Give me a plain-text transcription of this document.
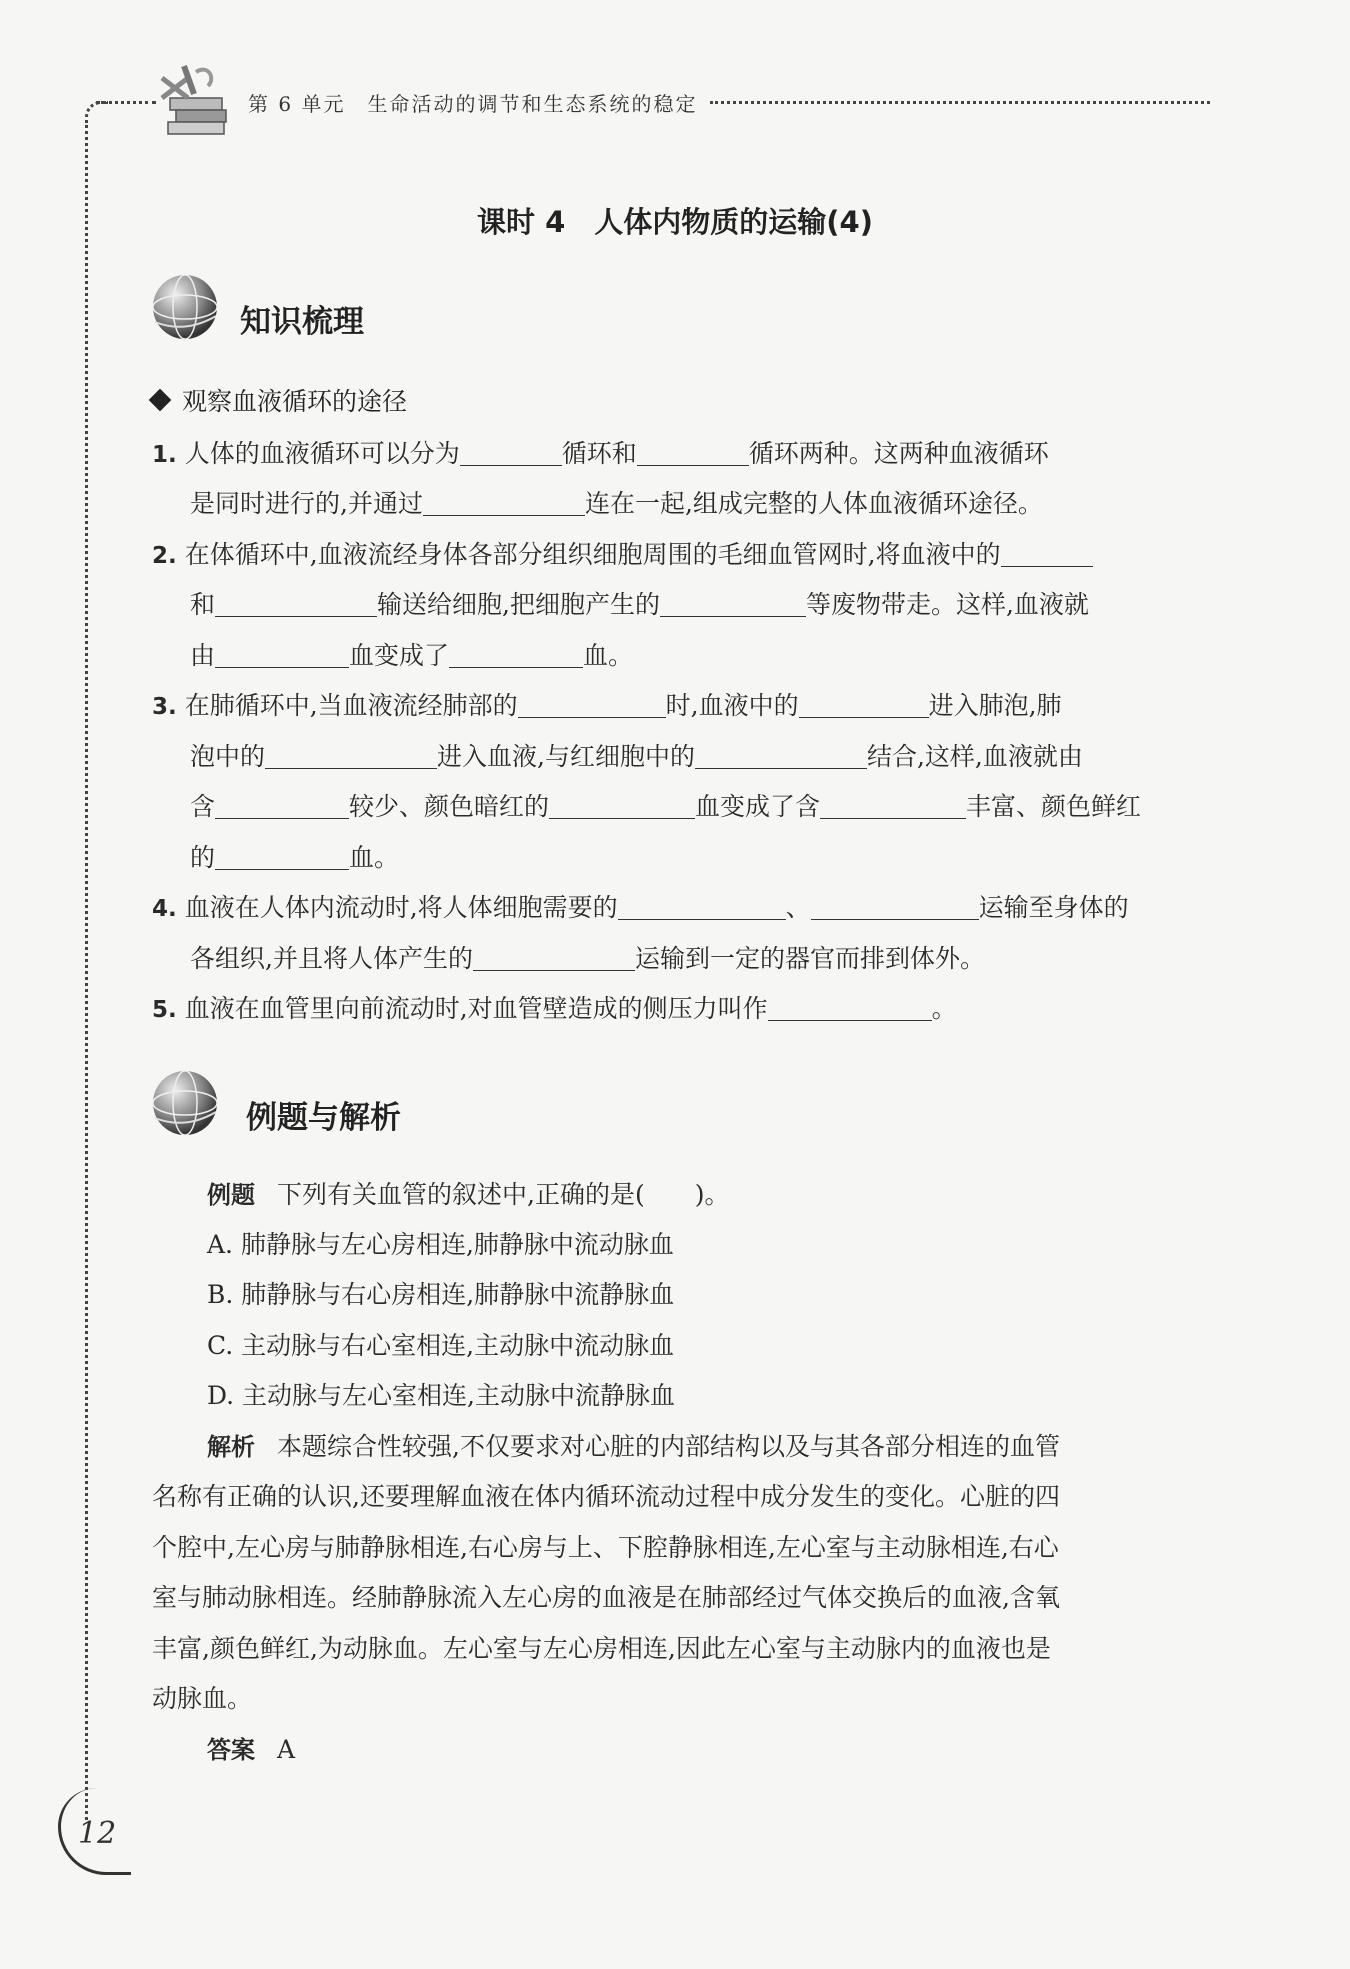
第 6 单元　生命活动的调节和生态系统的稳定
课时 4　人体内物质的运输(4)
知识梳理
观察血液循环的途径
1. 人体的血液循环可以分为	循环和	循环两种。这两种血液循环
是同时进行的,并通过	连在一起,组成完整的人体血液循环途径。
2. 在体循环中,血液流经身体各部分组织细胞周围的毛细血管网时,将血液中的
和	输送给细胞,把细胞产生的	等废物带走。这样,血液就
由	血变成了	血。
3. 在肺循环中,当血液流经肺部的	时,血液中的	进入肺泡,肺
泡中的	进入血液,与红细胞中的	结合,这样,血液就由
含	较少、颜色暗红的	血变成了含	丰富、颜色鲜红
的	血。
4. 血液在人体内流动时,将人体细胞需要的	、	运输至身体的
各组织,并且将人体产生的	运输到一定的器官而排到体外。
5. 血液在血管里向前流动时,对血管壁造成的侧压力叫作	。
例题与解析
例题 下列有关血管的叙述中,正确的是(　　)。
A. 肺静脉与左心房相连,肺静脉中流动脉血
B. 肺静脉与右心房相连,肺静脉中流静脉血
C. 主动脉与右心室相连,主动脉中流动脉血
D. 主动脉与左心室相连,主动脉中流静脉血
解析 本题综合性较强,不仅要求对心脏的内部结构以及与其各部分相连的血管
名称有正确的认识,还要理解血液在体内循环流动过程中成分发生的变化。心脏的四
个腔中,左心房与肺静脉相连,右心房与上、下腔静脉相连,左心室与主动脉相连,右心
室与肺动脉相连。经肺静脉流入左心房的血液是在肺部经过气体交换后的血液,含氧
丰富,颜色鲜红,为动脉血。左心室与左心房相连,因此左心室与主动脉内的血液也是
动脉血。
答案 A
12
